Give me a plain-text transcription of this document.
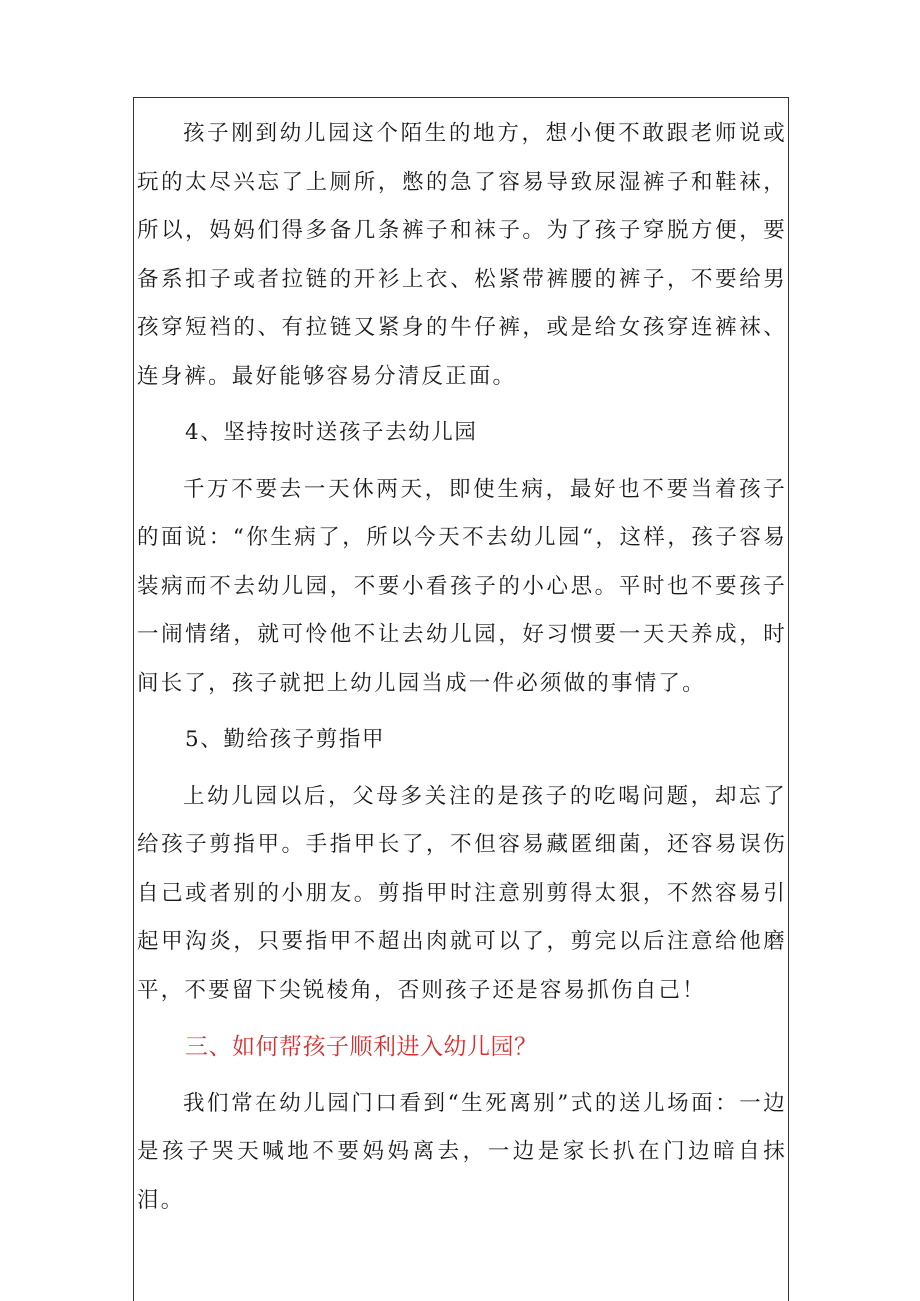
孩子刚到幼儿园这个陌生的地方，想小便不敢跟老师说或玩的太尽兴忘了上厕所，憋的急了容易导致尿湿裤子和鞋袜，所以，妈妈们得多备几条裤子和袜子。为了孩子穿脱方便，要备系扣子或者拉链的开衫上衣、松紧带裤腰的裤子，不要给男孩穿短裆的、有拉链又紧身的牛仔裤，或是给女孩穿连裤袜、连身裤。最好能够容易分清反正面。

4、坚持按时送孩子去幼儿园

千万不要去一天休两天，即使生病，最好也不要当着孩子的面说：“你生病了，所以今天不去幼儿园“，这样，孩子容易装病而不去幼儿园，不要小看孩子的小心思。平时也不要孩子一闹情绪，就可怜他不让去幼儿园，好习惯要一天天养成，时间长了，孩子就把上幼儿园当成一件必须做的事情了。

5、勤给孩子剪指甲

上幼儿园以后，父母多关注的是孩子的吃喝问题，却忘了给孩子剪指甲。手指甲长了，不但容易藏匿细菌，还容易误伤自己或者别的小朋友。剪指甲时注意别剪得太狠，不然容易引起甲沟炎，只要指甲不超出肉就可以了，剪完以后注意给他磨平，不要留下尖锐棱角，否则孩子还是容易抓伤自己！

三、如何帮孩子顺利进入幼儿园？

我们常在幼儿园门口看到“生死离别”式的送儿场面：一边是孩子哭天喊地不要妈妈离去，一边是家长扒在门边暗自抹泪。
